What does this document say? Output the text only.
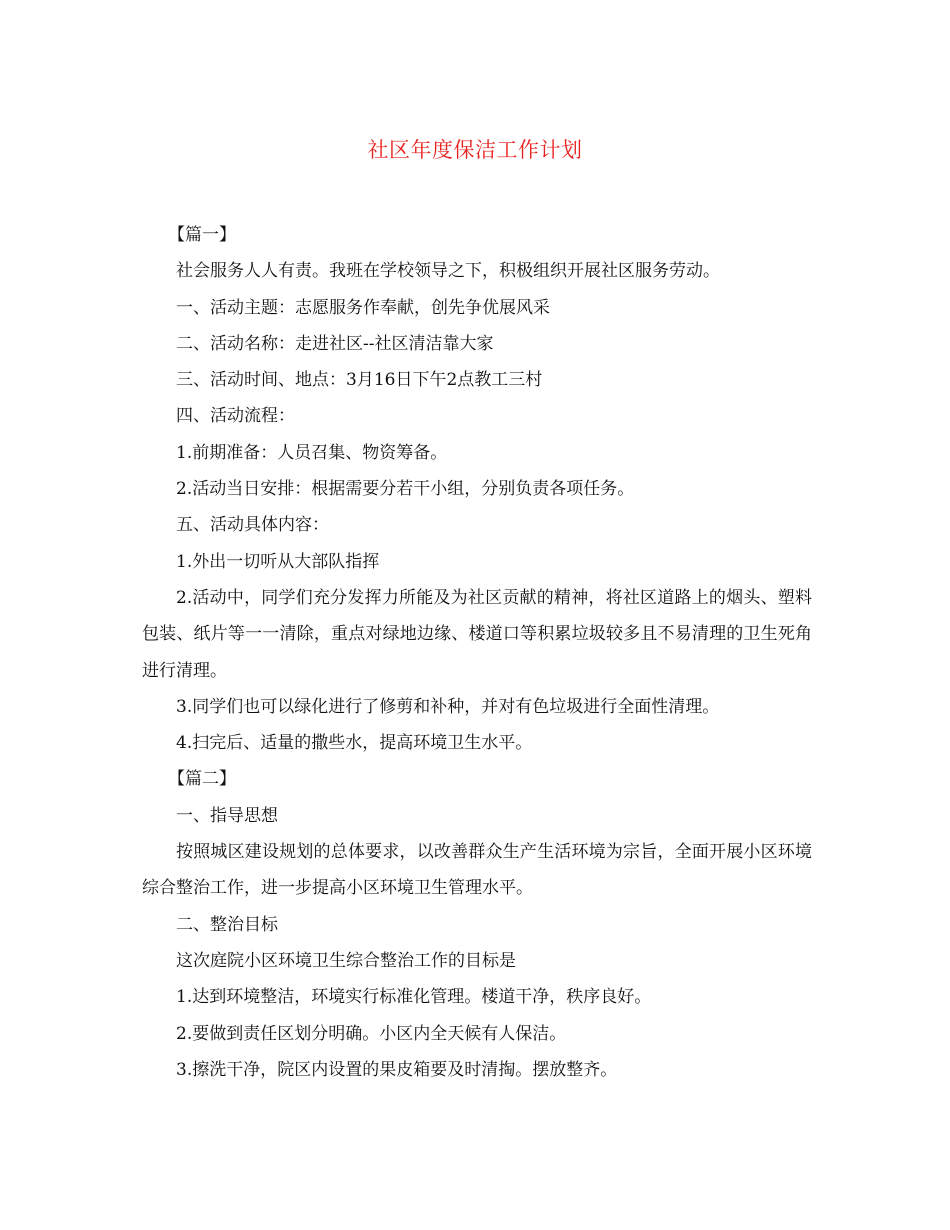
社区年度保洁工作计划

【篇一】

社会服务人人有责。我班在学校领导之下，积极组织开展社区服务劳动。

一、活动主题：志愿服务作奉献，创先争优展风采

二、活动名称：走进社区--社区清洁靠大家

三、活动时间、地点：3月16日下午2点教工三村

四、活动流程：

1.前期准备：人员召集、物资筹备。

2.活动当日安排：根据需要分若干小组，分别负责各项任务。

五、活动具体内容：

1.外出一切听从大部队指挥

2.活动中，同学们充分发挥力所能及为社区贡献的精神，将社区道路上的烟头、塑料包装、纸片等一一清除，重点对绿地边缘、楼道口等积累垃圾较多且不易清理的卫生死角进行清理。

3.同学们也可以绿化进行了修剪和补种，并对有色垃圾进行全面性清理。

4.扫完后、适量的撒些水，提高环境卫生水平。

【篇二】

一、指导思想

按照城区建设规划的总体要求，以改善群众生产生活环境为宗旨，全面开展小区环境综合整治工作，进一步提高小区环境卫生管理水平。

二、整治目标

这次庭院小区环境卫生综合整治工作的目标是

1.达到环境整洁，环境实行标准化管理。楼道干净，秩序良好。

2.要做到责任区划分明确。小区内全天候有人保洁。

3.擦洗干净，院区内设置的果皮箱要及时清掏。摆放整齐。
